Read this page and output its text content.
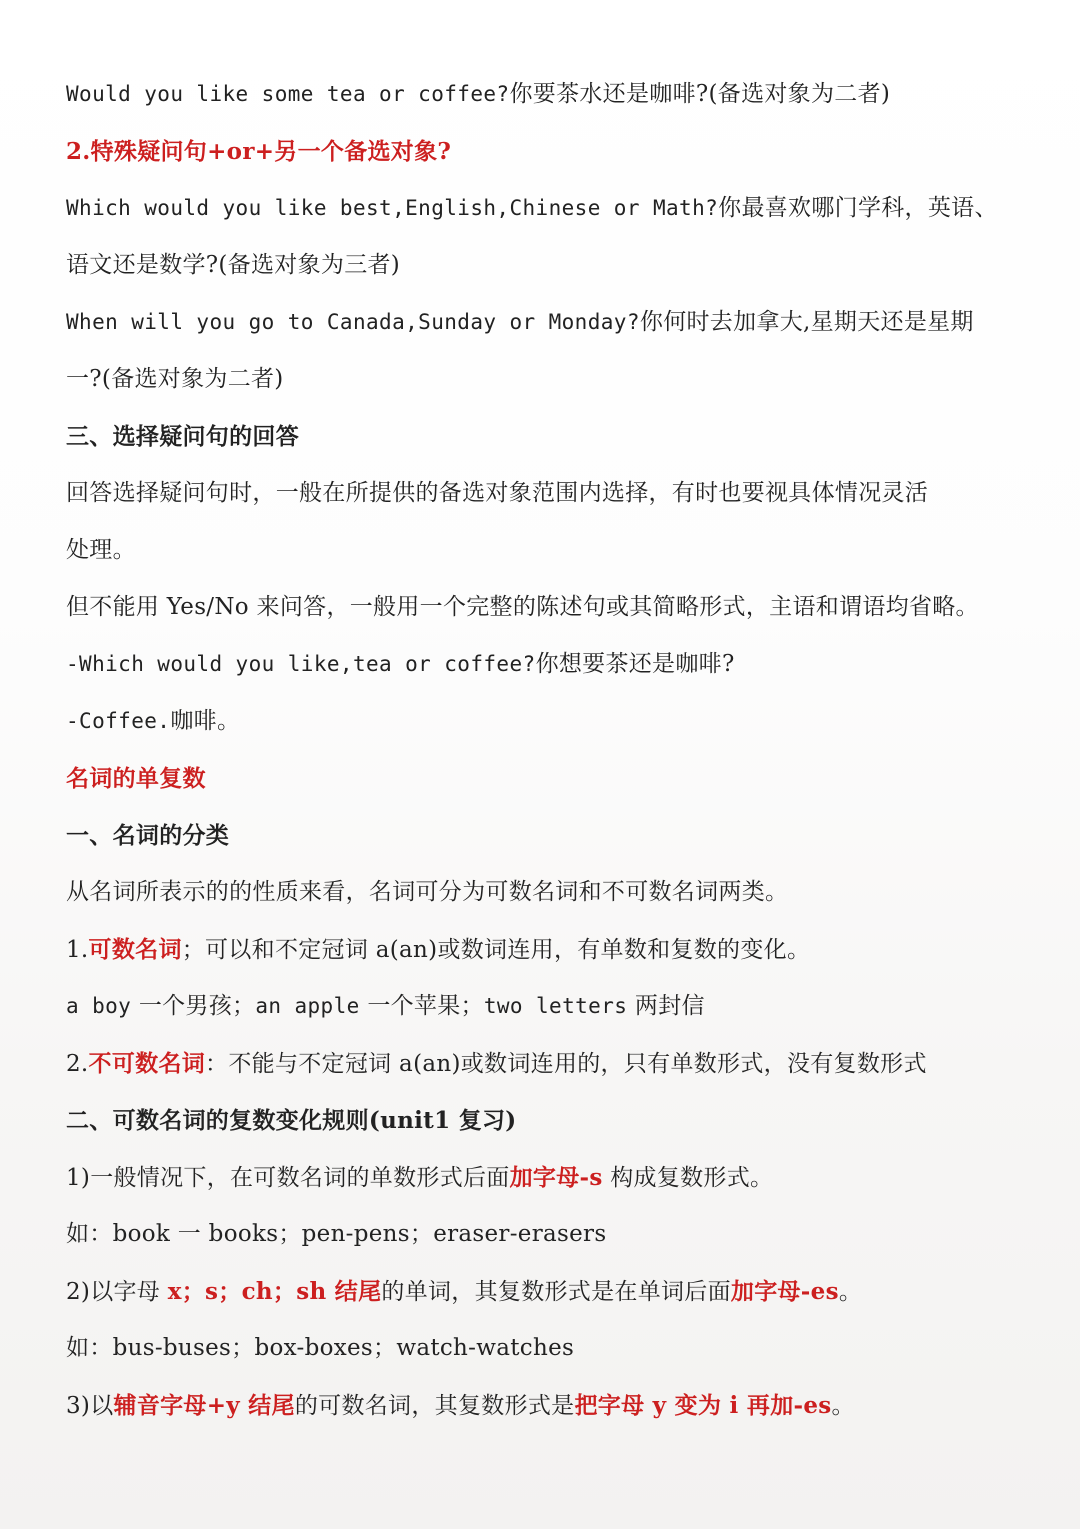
Would you like some tea or coffee?你要茶水还是咖啡?(备选对象为二者)
2.特殊疑问句+or+另一个备选对象?
Which would you like best,English,Chinese or Math?你最喜欢哪门学科，英语、
语文还是数学?(备选对象为三者)
When will you go to Canada,Sunday or Monday?你何时去加拿大,星期天还是星期
一?(备选对象为二者)
三、选择疑问句的回答
回答选择疑问句时，一般在所提供的备选对象范围内选择，有时也要视具体情况灵活
处理。
但不能用 Yes/No 来问答，一般用一个完整的陈述句或其简略形式，主语和谓语均省略。
-Which would you like,tea or coffee?你想要茶还是咖啡?
-Coffee.咖啡。
名词的单复数
一、名词的分类
从名词所表示的的性质来看，名词可分为可数名词和不可数名词两类。
1.可数名词；可以和不定冠词 a(an)或数词连用，有单数和复数的变化。
a boy 一个男孩；an apple 一个苹果；two letters 两封信
2.不可数名词：不能与不定冠词 a(an)或数词连用的，只有单数形式，没有复数形式
二、可数名词的复数变化规则(unit1 复习)
1)一般情况下，在可数名词的单数形式后面加字母-s 构成复数形式。
如：book 一 books；pen-pens；eraser-erasers
2)以字母 x；s；ch；sh 结尾的单词，其复数形式是在单词后面加字母-es。
如：bus-buses；box-boxes；watch-watches
3)以辅音字母+y 结尾的可数名词，其复数形式是把字母 y 变为 i 再加-es。
